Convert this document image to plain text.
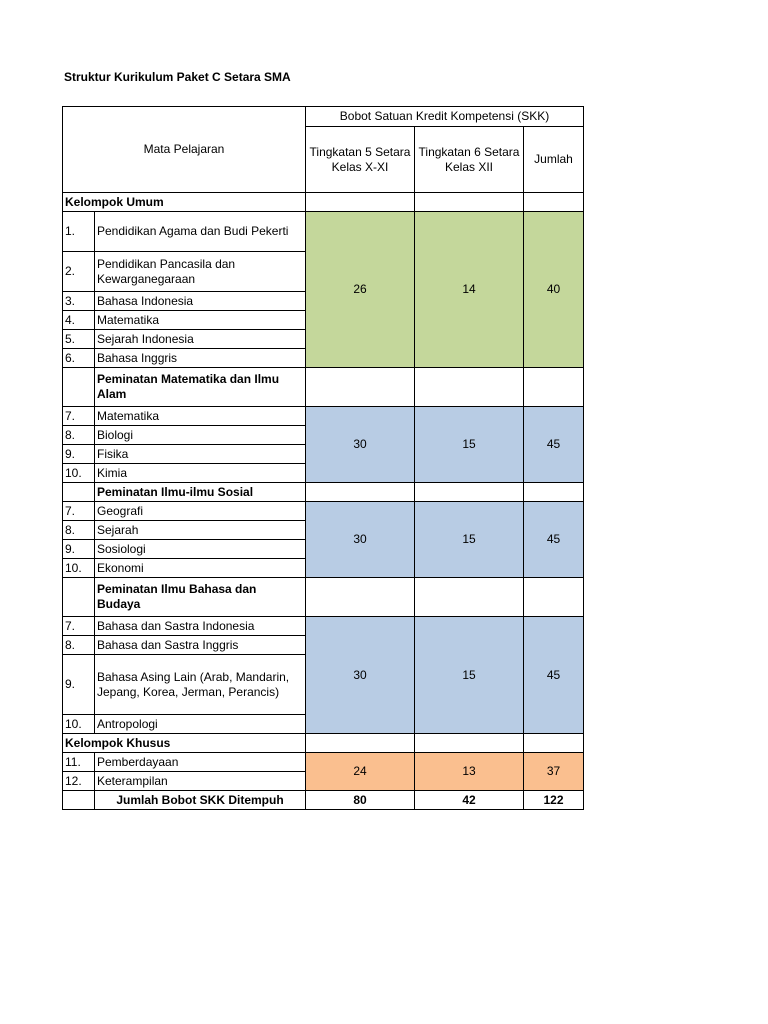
Struktur Kurikulum Paket C Setara SMA
Mata Pelajaran		Bobot Satuan Kredit Kompetensi (SKK)		
		Tingkatan 5 Setara Kelas X-XI	Tingkatan 6 Setara Kelas XII	Jumlah
Kelompok Umum				
1.	Pendidikan Agama dan Budi Pekerti	26	14	40
2.	Pendidikan Pancasila dan Kewarganegaraan			
3.	Bahasa Indonesia			
4.	Matematika			
5.	Sejarah Indonesia			
6.	Bahasa Inggris			
	Peminatan Matematika dan Ilmu Alam			
7.	Matematika	30	15	45
8.	Biologi			
9.	Fisika			
10.	Kimia			
	Peminatan Ilmu-ilmu Sosial			
7.	Geografi	30	15	45
8.	Sejarah			
9.	Sosiologi			
10.	Ekonomi			
	Peminatan Ilmu Bahasa dan Budaya			
7.	Bahasa dan Sastra Indonesia	30	15	45
8.	Bahasa dan Sastra Inggris			
9.	Bahasa Asing Lain (Arab, Mandarin, Jepang, Korea, Jerman, Perancis)			
10.	Antropologi			
Kelompok Khusus				
11.	Pemberdayaan	24	13	37
12.	Keterampilan			
	Jumlah Bobot SKK Ditempuh	80	42	122
